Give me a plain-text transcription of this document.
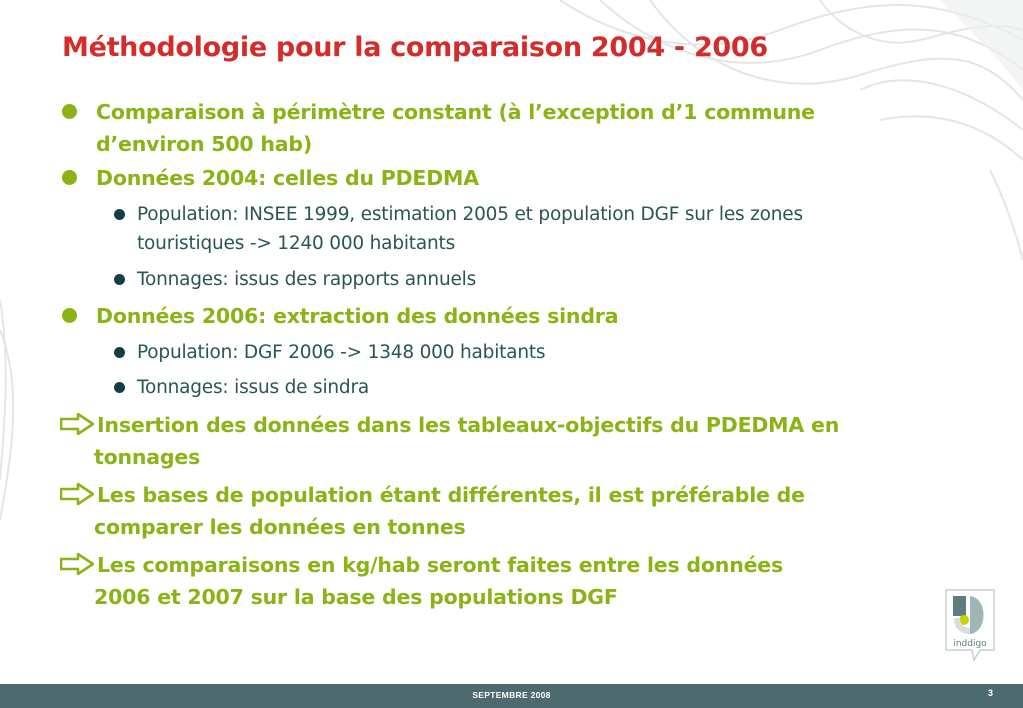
Méthodologie pour la comparaison 2004 - 2006
Comparaison à périmètre constant (à l’exception d’1 commune
d’environ 500 hab)
Données 2004: celles du PDEDMA
Population: INSEE 1999, estimation 2005 et population DGF sur les zones
touristiques -> 1240 000 habitants
Tonnages: issus des rapports annuels
Données 2006: extraction des données sindra
Population: DGF 2006 -> 1348 000 habitants
Tonnages: issus de sindra
Insertion des données dans les tableaux-objectifs du PDEDMA en
tonnages
Les bases de population étant différentes, il est préférable de
comparer les données en tonnes
Les comparaisons en kg/hab seront faites entre les données
2006 et 2007 sur la base des populations DGF
inddigo
SEPTEMBRE 2008	3
